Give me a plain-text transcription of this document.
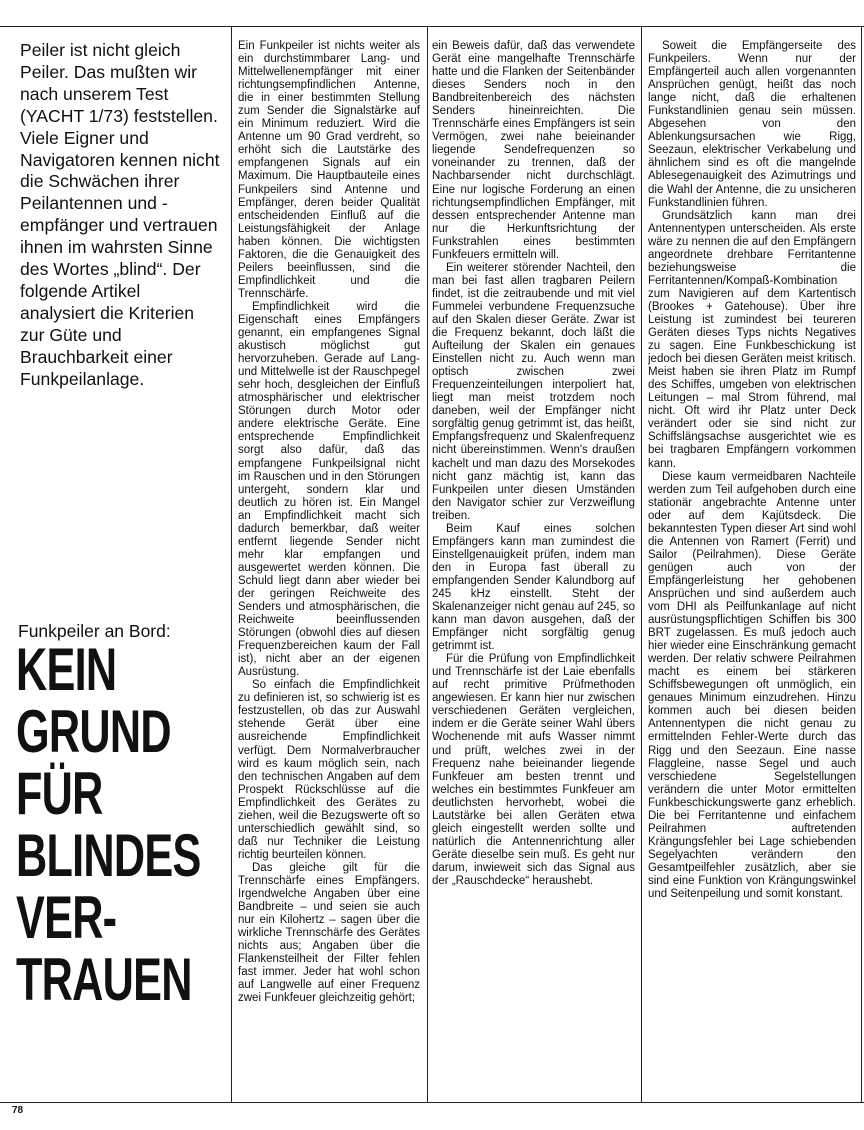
Peiler ist nicht gleich Peiler. Das mußten wir nach unserem Test (YACHT 1/73) feststellen. Viele Eigner und Navigatoren kennen nicht die Schwächen ihrer Peilantennen und -empfänger und vertrauen ihnen im wahrsten Sinne des Wortes „blind“. Der folgende Artikel analysiert die Kriterien zur Güte und Brauchbarkeit einer Funkpeilanlage.

Funkpeiler an Bord:

KEIN
GRUND
FÜR
BLINDES
VER-
TRAUEN

Ein Funkpeiler ist nichts weiter als ein durchstimmbarer Lang- und Mittelwellenempfänger mit einer richtungsempfindlichen Antenne, die in einer bestimmten Stellung zum Sender die Signalstärke auf ein Minimum reduziert. Wird die Antenne um 90 Grad verdreht, so erhöht sich die Lautstärke des empfangenen Signals auf ein Maximum. Die Hauptbauteile eines Funkpeilers sind Antenne und Empfänger, deren beider Qualität entscheidenden Einfluß auf die Leistungsfähigkeit der Anlage haben können. Die wichtigsten Faktoren, die die Genauigkeit des Peilers beeinflussen, sind die Empfindlichkeit und die Trennschärfe.

Empfindlichkeit wird die Eigenschaft eines Empfängers genannt, ein empfangenes Signal akustisch möglichst gut hervorzuheben. Gerade auf Lang- und Mittelwelle ist der Rauschpegel sehr hoch, desgleichen der Einfluß atmosphärischer und elektrischer Störungen durch Motor oder andere elektrische Geräte. Eine entsprechende Empfindlichkeit sorgt also dafür, daß das empfangene Funkpeilsignal nicht im Rauschen und in den Störungen untergeht, sondern klar und deutlich zu hören ist. Ein Mangel an Empfindlichkeit macht sich dadurch bemerkbar, daß weiter entfernt liegende Sender nicht mehr klar empfangen und ausgewertet werden können. Die Schuld liegt dann aber wieder bei der geringen Reichweite des Senders und atmosphärischen, die Reichweite beeinflussenden Störungen (obwohl dies auf diesen Frequenzbereichen kaum der Fall ist), nicht aber an der eigenen Ausrüstung.

So einfach die Empfindlichkeit zu definieren ist, so schwierig ist es festzustellen, ob das zur Auswahl stehende Gerät über eine ausreichende Empfindlichkeit verfügt. Dem Normalverbraucher wird es kaum möglich sein, nach den technischen Angaben auf dem Prospekt Rückschlüsse auf die Empfindlichkeit des Gerätes zu ziehen, weil die Bezugswerte oft so unterschiedlich gewählt sind, so daß nur Techniker die Leistung richtig beurteilen können.

Das gleiche gilt für die Trennschärfe eines Empfängers. Irgendwelche Angaben über eine Bandbreite – und seien sie auch nur ein Kilohertz – sagen über die wirkliche Trennschärfe des Gerätes nichts aus; Angaben über die Flankensteilheit der Filter fehlen fast immer. Jeder hat wohl schon auf Langwelle auf einer Frequenz zwei Funkfeuer gleichzeitig gehört;

ein Beweis dafür, daß das verwendete Gerät eine mangelhafte Trennschärfe hatte und die Flanken der Seitenbänder dieses Senders noch in den Bandbreitenbereich des nächsten Senders hineinreichten. Die Trennschärfe eines Empfängers ist sein Vermögen, zwei nahe beieinander liegende Sendefrequenzen so voneinander zu trennen, daß der Nachbarsender nicht durchschlägt. Eine nur logische Forderung an einen richtungsempfindlichen Empfänger, mit dessen entsprechender Antenne man nur die Herkunftsrichtung der Funkstrahlen eines bestimmten Funkfeuers ermitteln will.

Ein weiterer störender Nachteil, den man bei fast allen tragbaren Peilern findet, ist die zeitraubende und mit viel Fummelei verbundene Frequenzsuche auf den Skalen dieser Geräte. Zwar ist die Frequenz bekannt, doch läßt die Aufteilung der Skalen ein genaues Einstellen nicht zu. Auch wenn man optisch zwischen zwei Frequenzeinteilungen interpoliert hat, liegt man meist trotzdem noch daneben, weil der Empfänger nicht sorgfältig genug getrimmt ist, das heißt, Empfangsfrequenz und Skalenfrequenz nicht übereinstimmen. Wenn's draußen kachelt und man dazu des Morsekodes nicht ganz mächtig ist, kann das Funkpeilen unter diesen Umständen den Navigator schier zur Verzweiflung treiben.

Beim Kauf eines solchen Empfängers kann man zumindest die Einstellgenauigkeit prüfen, indem man den in Europa fast überall zu empfangenden Sender Kalundborg auf 245 kHz einstellt. Steht der Skalenanzeiger nicht genau auf 245, so kann man davon ausgehen, daß der Empfänger nicht sorgfältig genug getrimmt ist.

Für die Prüfung von Empfindlichkeit und Trennschärfe ist der Laie ebenfalls auf recht primitive Prüfmethoden angewiesen. Er kann hier nur zwischen verschiedenen Geräten vergleichen, indem er die Geräte seiner Wahl übers Wochenende mit aufs Wasser nimmt und prüft, welches zwei in der Frequenz nahe beieinander liegende Funkfeuer am besten trennt und welches ein bestimmtes Funkfeuer am deutlichsten hervorhebt, wobei die Lautstärke bei allen Geräten etwa gleich eingestellt werden sollte und natürlich die Antennenrichtung aller Geräte dieselbe sein muß. Es geht nur darum, inwieweit sich das Signal aus der „Rauschdecke“ heraushebt.

Soweit die Empfängerseite des Funkpeilers. Wenn nur der Empfängerteil auch allen vorgenannten Ansprüchen genügt, heißt das noch lange nicht, daß die erhaltenen Funkstandlinien genau sein müssen. Abgesehen von den Ablenkungsursachen wie Rigg, Seezaun, elektrischer Verkabelung und ähnlichem sind es oft die mangelnde Ablesegenauigkeit des Azimutrings und die Wahl der Antenne, die zu unsicheren Funkstandlinien führen.

Grundsätzlich kann man drei Antennentypen unterscheiden. Als erste wäre zu nennen die auf den Empfängern angeordnete drehbare Ferritantenne beziehungsweise die Ferritantennen/Kompaß-Kombination zum Navigieren auf dem Kartentisch (Brookes + Gatehouse). Über ihre Leistung ist zumindest bei teureren Geräten dieses Typs nichts Negatives zu sagen. Eine Funkbeschickung ist jedoch bei diesen Geräten meist kritisch. Meist haben sie ihren Platz im Rumpf des Schiffes, umgeben von elektrischen Leitungen – mal Strom führend, mal nicht. Oft wird ihr Platz unter Deck verändert oder sie sind nicht zur Schiffslängsachse ausgerichtet wie es bei tragbaren Empfängern vorkommen kann.

Diese kaum vermeidbaren Nachteile werden zum Teil aufgehoben durch eine stationär angebrachte Antenne unter oder auf dem Kajütsdeck. Die bekanntesten Typen dieser Art sind wohl die Antennen von Ramert (Ferrit) und Sailor (Peilrahmen). Diese Geräte genügen auch von der Empfängerleistung her gehobenen Ansprüchen und sind außerdem auch vom DHI als Peilfunkanlage auf nicht ausrüstungspflichtigen Schiffen bis 300 BRT zugelassen. Es muß jedoch auch hier wieder eine Einschränkung gemacht werden. Der relativ schwere Peilrahmen macht es einem bei stärkeren Schiffsbewegungen oft unmöglich, ein genaues Minimum einzudrehen. Hinzu kommen auch bei diesen beiden Antennentypen die nicht genau zu ermittelnden Fehler-Werte durch das Rigg und den Seezaun. Eine nasse Flaggleine, nasse Segel und auch verschiedene Segelstellungen verändern die unter Motor ermittelten Funkbeschickungswerte ganz erheblich. Die bei Ferritantenne und einfachem Peilrahmen auftretenden Krängungsfehler bei Lage schiebenden Segelyachten verändern den Gesamtpeilfehler zusätzlich, aber sie sind eine Funktion von Krängungswinkel und Seitenpeilung und somit konstant.

78
